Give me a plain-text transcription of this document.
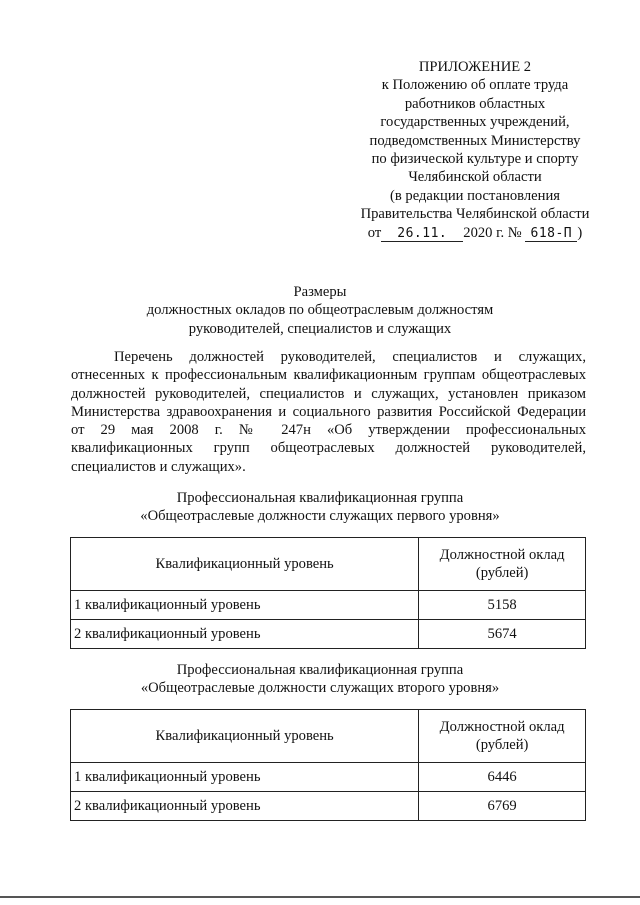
ПРИЛОЖЕНИЕ 2
к Положению об оплате труда
работников областных
государственных учреждений,
подведомственных Министерству
по физической культуре и спорту
Челябинской области
(в редакции постановления
Правительства Челябинской области
от 26.11. 2020 г. № 618-П )
Размеры
должностных окладов по общеотраслевым должностям
руководителей, специалистов и служащих
Перечень должностей руководителей, специалистов и служащих, отнесенных к профессиональным квалификационным группам общеотраслевых должностей руководителей, специалистов и служащих, установлен приказом Министерства здравоохранения и социального развития Российской Федерации от 29 мая 2008 г. № 247н «Об утверждении профессиональных квалификационных групп общеотраслевых должностей руководителей, специалистов и служащих».
Профессиональная квалификационная группа
«Общеотраслевые должности служащих первого уровня»
Квалификационный уровень	Должностной оклад
(рублей)

1 квалификационный уровень	5158
2 квалификационный уровень	5674
Профессиональная квалификационная группа
«Общеотраслевые должности служащих второго уровня»
Квалификационный уровень	Должностной оклад
(рублей)

1 квалификационный уровень	6446
2 квалификационный уровень	6769
